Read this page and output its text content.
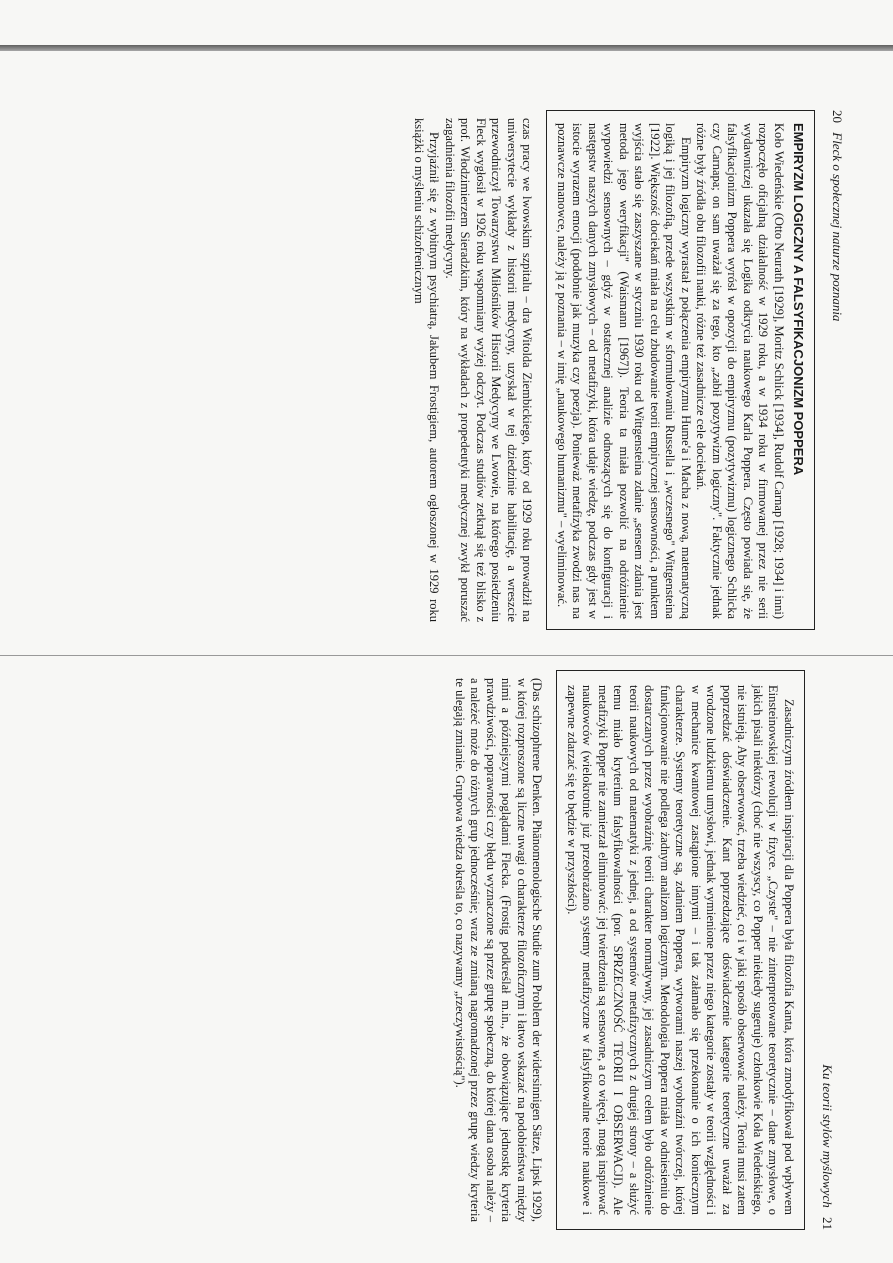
20 Fleck o społecznej naturze poznania
EMPIRYZM LOGICZNY A FALSYFIKACJONIZM POPPERA

Koło Wiedeńskie (Otto Neurath [1929], Moritz Schlick [1934], Rudolf Carnap [1928; 1934] i inni) rozpoczęło oficjalną działalność w 1929 roku, a w 1934 roku w firmowanej przez nie serii wydawniczej ukazała się Logika odkrycia naukowego Karla Poppera. Często powiada się, że falsyfikacjonizm Poppera wyrósł w opozycji do empiryzmu (pozytywizmu) logicznego Schlicka czy Carnapa; on sam uważał się za tego, kto „zabił pozytywizm logiczny". Faktycznie jednak różne były źródła obu filozofii nauki, różne też zasadnicze cele dociekań.

Empiryzm logiczny wyrastał z połączenia empiryzmu Hume'a i Macha z nową, matematyczną logiką i jej filozofią, przede wszystkim w sformułowaniu Russella i „wczesnego" Wittgensteina [1922]. Większość dociekań miała na celu zbudowanie teorii empirycznej sensowności, a punktem wyjścia stało się zaszyszane w styczniu 1930 roku od Wittgensteina zdanie „sensem zdania jest metoda jego weryfikacji" (Waismann [1967]). Teoria ta miała pozwolić na odróżnienie wypowiedzi sensownych – gdyż w ostatecznej analizie odnoszących się do konfiguracji i następstw naszych danych zmysłowych – od metafizyki, która udaje wiedzę, podczas gdy jest w istocie wyrazem emocji (podobnie jak muzyka czy poezja). Ponieważ metafizyka zwodzi nas na poznawcze manowce, należy ją z poznania – w imię „naukowego humanizmu" – wyeliminować.

czas pracy we lwowskim szpitalu – dra Witolda Ziembickiego, który od 1929 roku prowadził na uniwersytecie wykłady z historii medycyny, uzyskał w tej dziedzinie habilitację, a wreszcie przewodniczył Towarzystwu Miłośników Historii Medycyny we Lwowie, na którego posiedzeniu Fleck wygłosił w 1926 roku wspomniany wyżej odczyt. Podczas studiów zetknął się też blisko z prof. Włodzimierzem Sieradzkim, który na wykładach z propedeutyki medycznej zwykł poruszać zagadnienia filozofii medycyny.

Przyjaźnił się z wybitnym psychiatrą, Jakubem Frostigiem, autorem ogłoszonej w 1929 roku książki o myśleniu schizofrenicznym

Ku teorii stylów myślowych 21

Zasadniczym źródłem inspiracji dla Poppera była filozofia Kanta, która zmodyfikował pod wpływem Einsteinowskiej rewolucji w fizyce. „Czyste" – nie zinterpretowane teoretycznie – dane zmysłowe, o jakich pisali niektórzy (choć nie wszyscy, co Popper niekiedy sugeruje) członkowie Koła Wiedeńskiego, nie istnieją. Aby obserwować, trzeba wiedzieć, co i w jaki sposób obserwować należy. Teoria musi zatem poprzedzać doświadczenie. Kant poprzedzające doświadczenie kategorie teoretyczne uważał za wrodzone ludzkiemu umysłowi, jednak wymienione przez niego kategorie zostały w teorii względności i w mechanice kwantowej zastąpione innymi – i tak załamało się przekonanie o ich koniecznym charakterze. Systemy teoretyczne są, zdaniem Poppera, wytworami naszej wyobraźni twórczej, której funkcjonowanie nie podlega żadnym analizom logicznym. Metodologia Poppera miała w odniesieniu do dostarczanych przez wyobraźnię teorii charakter normatywny, jej zasadniczym celem było odróżnienie teorii naukowych od matematyki z jednej, a od systemów metafizycznych z drugiej strony – a służyć temu miało kryterium falsyfikowalności (por. SPRZECZNOŚĆ TEORII I OBSERWACJI). Ale metafizyki Popper nie zamierzał eliminować: jej twierdzenia są sensowne, a co więcej, mogą inspirować naukowców (wielokrotnie już przeobrażano systemy metafizyczne w falsyfikowalne teorie naukowe i zapewne zdarzać się to będzie w przyszłości).

(Das schizophrene Denken. Phänomenologische Studie zum Problem der widersinnigen Sätze, Lipsk 1929), w której rozproszone są liczne uwagi o charakterze filozoficznym i łatwo wskazać na podobieństwa między nimi a późniejszymi poglądami Flecka. (Frostig podkreślał m.in., że obowiązujące jednostkę kryteria prawdziwości, poprawności czy błędu wyznaczone są przez grupę społeczną, do której dana osoba należy – a należeć może do różnych grup jednocześnie; wraz ze zmianą nagromadzonej przez grupę wiedzy kryteria te ulegają zmianie. Grupowa wiedza określa to, co nazywamy „rzeczywistością").
